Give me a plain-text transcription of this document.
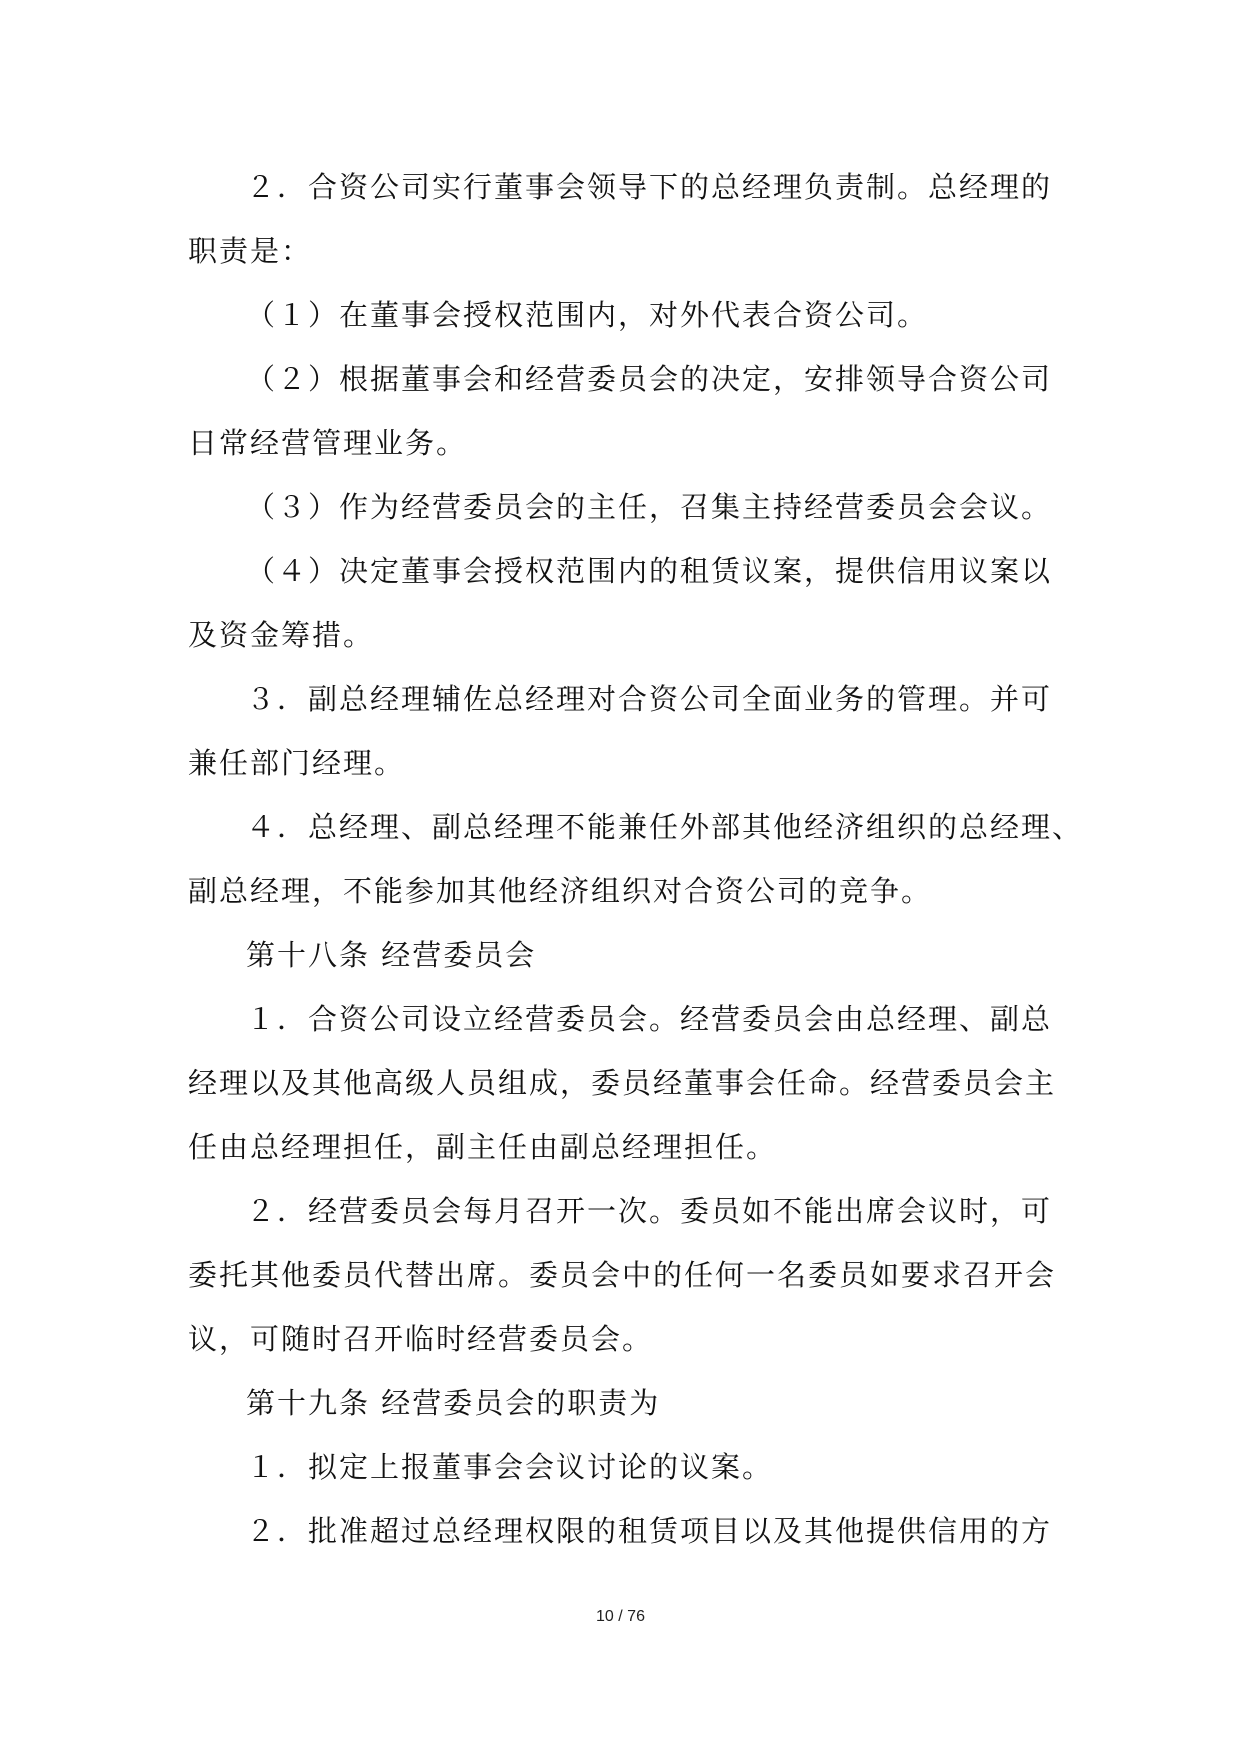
２．合资公司实行董事会领导下的总经理负责制。总经理的

职责是：

（１）在董事会授权范围内，对外代表合资公司。

（２）根据董事会和经营委员会的决定，安排领导合资公司

日常经营管理业务。

（３）作为经营委员会的主任，召集主持经营委员会会议。

（４）决定董事会授权范围内的租赁议案，提供信用议案以

及资金筹措。

３．副总经理辅佐总经理对合资公司全面业务的管理。并可

兼任部门经理。

４．总经理、副总经理不能兼任外部其他经济组织的总经理、

副总经理，不能参加其他经济组织对合资公司的竞争。

第十八条 经营委员会

１．合资公司设立经营委员会。经营委员会由总经理、副总

经理以及其他高级人员组成，委员经董事会任命。经营委员会主

任由总经理担任，副主任由副总经理担任。

２．经营委员会每月召开一次。委员如不能出席会议时，可

委托其他委员代替出席。委员会中的任何一名委员如要求召开会

议，可随时召开临时经营委员会。

第十九条 经营委员会的职责为

１．拟定上报董事会会议讨论的议案。

２．批准超过总经理权限的租赁项目以及其他提供信用的方

10 / 76
